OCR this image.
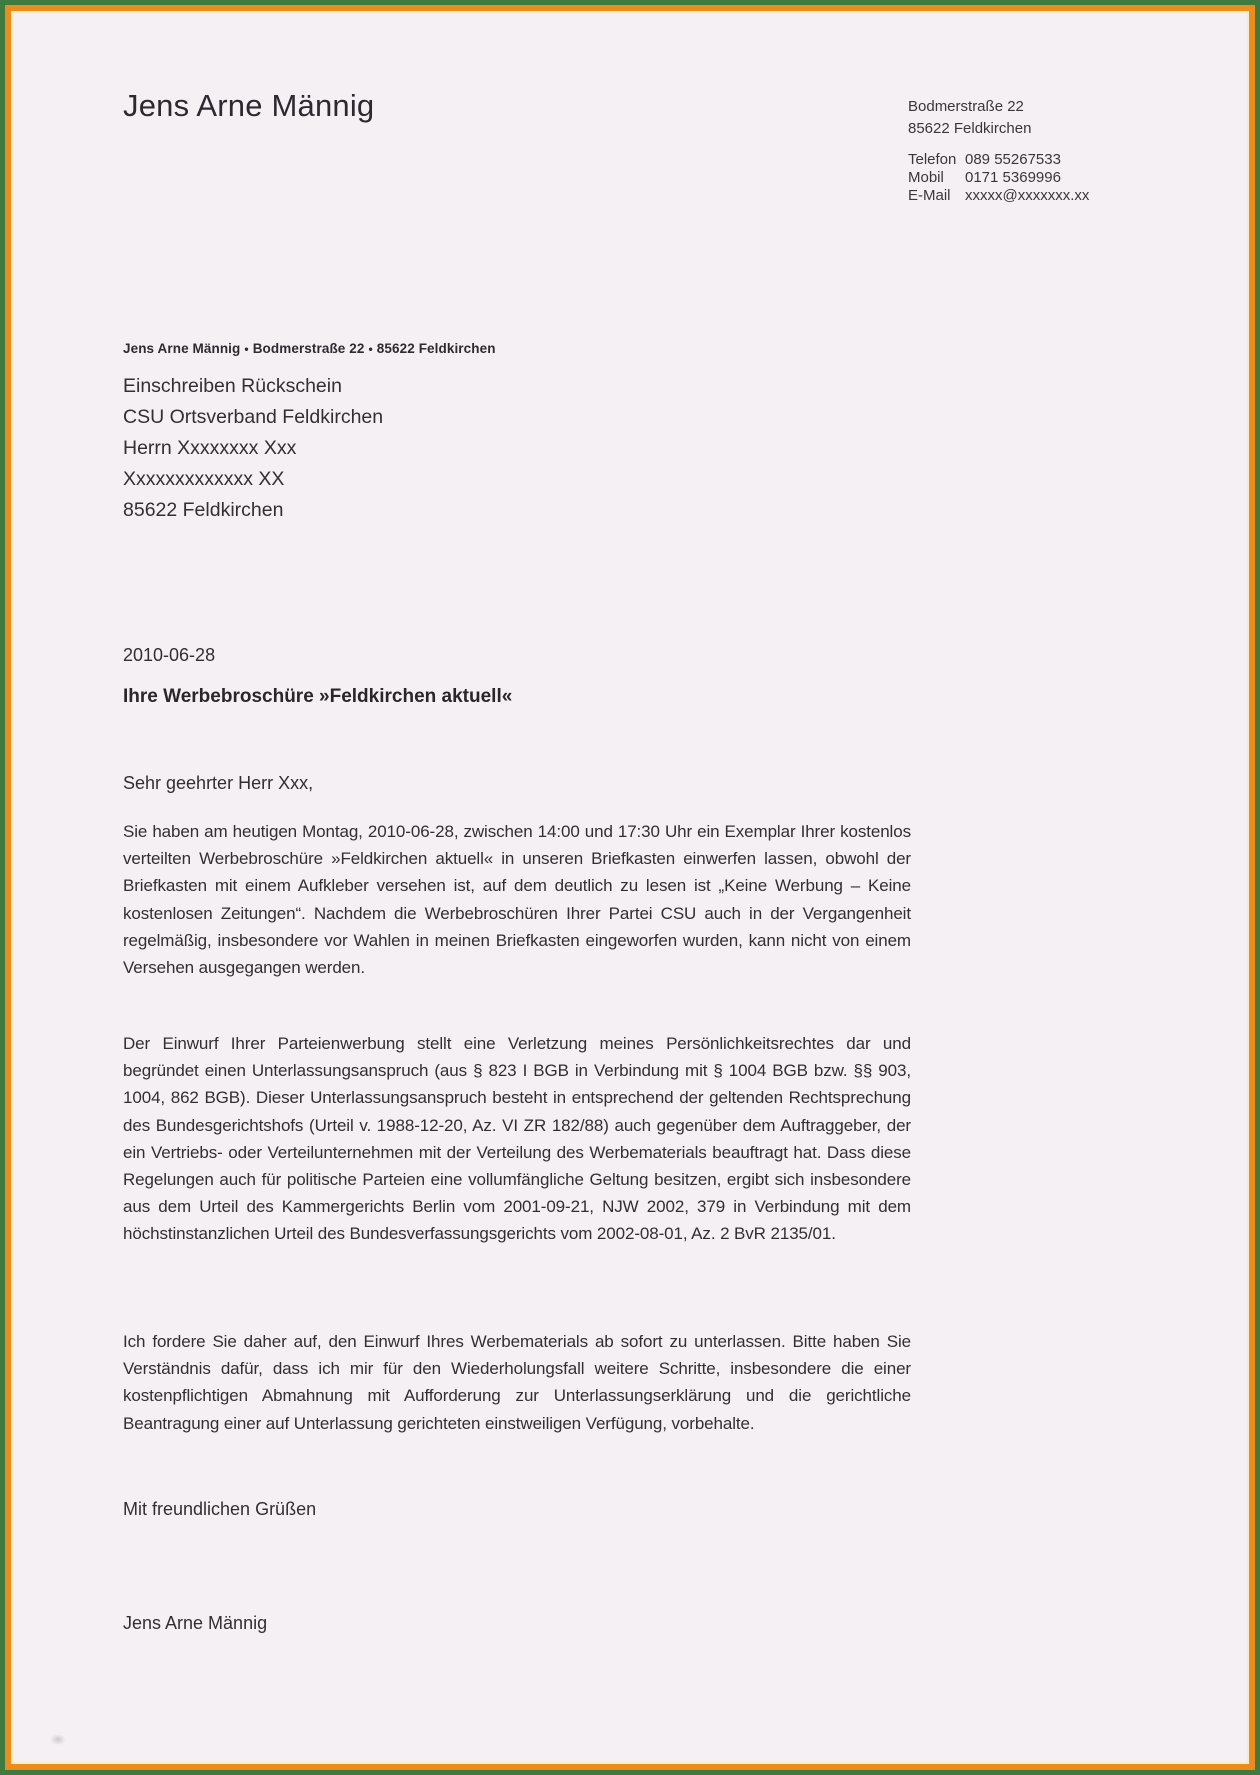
Jens Arne Männig	Bodmerstraße 22
85622 Feldkirchen
Telefon 089 55267533
Mobil	0171 5369996
E-Mail xxxxx@xxxxxxx.xx
Jens Arne Männig • Bodmerstraße 22 • 85622 Feldkirchen
Einschreiben Rückschein
CSU Ortsverband Feldkirchen
Herrn Xxxxxxxx Xxx
Xxxxxxxxxxxxx XX
85622 Feldkirchen
2010-06-28
Ihre Werbebroschüre »Feldkirchen aktuell«
Sehr geehrter Herr Xxx,
Sie haben am heutigen Montag, 2010-06-28, zwischen 14:00 und 17:30 Uhr ein Exemplar Ihrer kostenlos verteilten Werbebroschüre »Feldkirchen aktuell« in unseren Briefkasten einwerfen lassen, obwohl der Briefkasten mit einem Aufkleber versehen ist, auf dem deutlich zu lesen ist „Keine Werbung – Keine kostenlosen Zeitungen“. Nachdem die Werbebroschüren Ihrer Partei CSU auch in der Vergangenheit regelmäßig, insbesondere vor Wahlen in meinen Briefkasten eingeworfen wurden, kann nicht von einem Versehen ausgegangen werden.
Der Einwurf Ihrer Parteienwerbung stellt eine Verletzung meines Persönlichkeitsrechtes dar und begründet einen Unterlassungsanspruch (aus § 823 I BGB in Verbindung mit § 1004 BGB bzw. §§ 903, 1004, 862 BGB). Dieser Unterlassungsanspruch besteht in entsprechend der geltenden Rechtsprechung des Bundesgerichtshofs (Urteil v. 1988-12-20, Az. VI ZR 182/88) auch gegenüber dem Auftraggeber, der ein Vertriebs- oder Verteilunternehmen mit der Verteilung des Werbematerials beauftragt hat. Dass diese Regelungen auch für politische Parteien eine vollumfängliche Geltung besitzen, ergibt sich insbesondere aus dem Urteil des Kammergerichts Berlin vom 2001-09-21, NJW 2002, 379 in Verbindung mit dem höchstinstanzlichen Urteil des Bundesverfassungsgerichts vom 2002-08-01, Az. 2 BvR 2135/01.
Ich fordere Sie daher auf, den Einwurf Ihres Werbematerials ab sofort zu unterlassen. Bitte haben Sie Verständnis dafür, dass ich mir für den Wiederholungsfall weitere Schritte, insbesondere die einer kostenpflichtigen Abmahnung mit Aufforderung zur Unterlassungserklärung und die gerichtliche Beantragung einer auf Unterlassung gerichteten einstweiligen Verfügung, vorbehalte.
Mit freundlichen Grüßen
Jens Arne Männig
